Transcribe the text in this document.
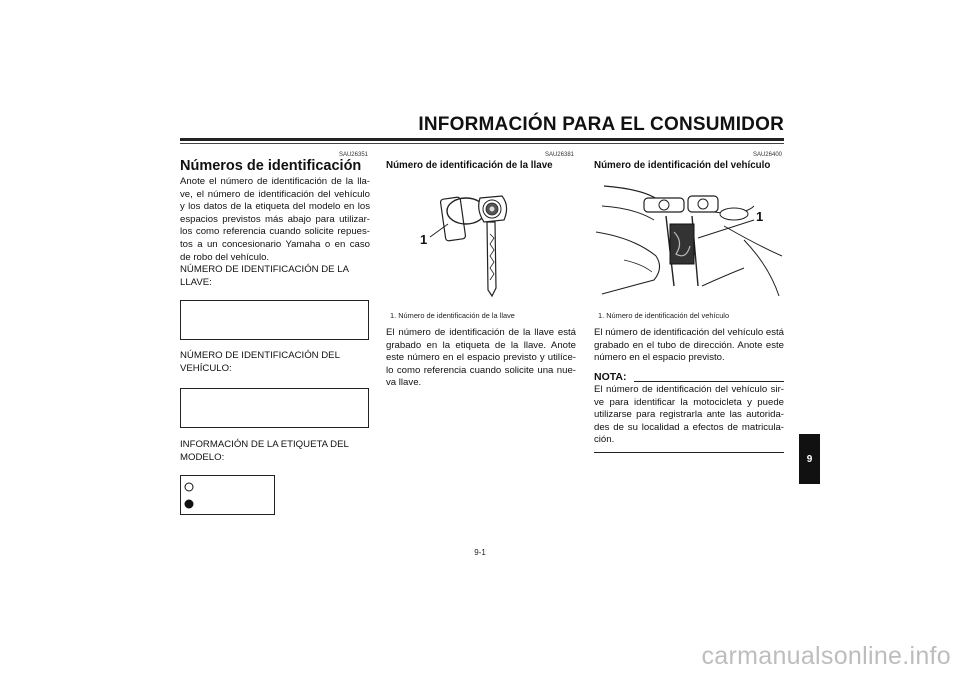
INFORMACIÓN PARA EL CONSUMIDOR
SAU26351
Números de identificación
Anote el número de identificación de la lla-ve, el número de identificación del vehículo y los datos de la etiqueta del modelo en los espacios previstos más abajo para utilizar-los como referencia cuando solicite repues-tos a un concesionario Yamaha o en caso de robo del vehículo.
NÚMERO DE IDENTIFICACIÓN DE LA LLAVE:
NÚMERO DE IDENTIFICACIÓN DEL VEHÍCULO:
INFORMACIÓN DE LA ETIQUETA DEL MODELO:
SAU26381
Número de identificación de la llave
1
1. Número de identificación de la llave
El número de identificación de la llave está grabado en la etiqueta de la llave. Anote este número en el espacio previsto y utilíce-lo como referencia cuando solicite una nue-va llave.
SAU26400
Número de identificación del vehículo
1
1. Número de identificación del vehículo
El número de identificación del vehículo está grabado en el tubo de dirección. Anote este número en el espacio previsto.
NOTA:
El número de identificación del vehículo sir-ve para identificar la motocicleta y puede utilizarse para registrarla ante las autorida-des de su localidad a efectos de matricula-ción.
9
9-1
carmanualsonline.info
